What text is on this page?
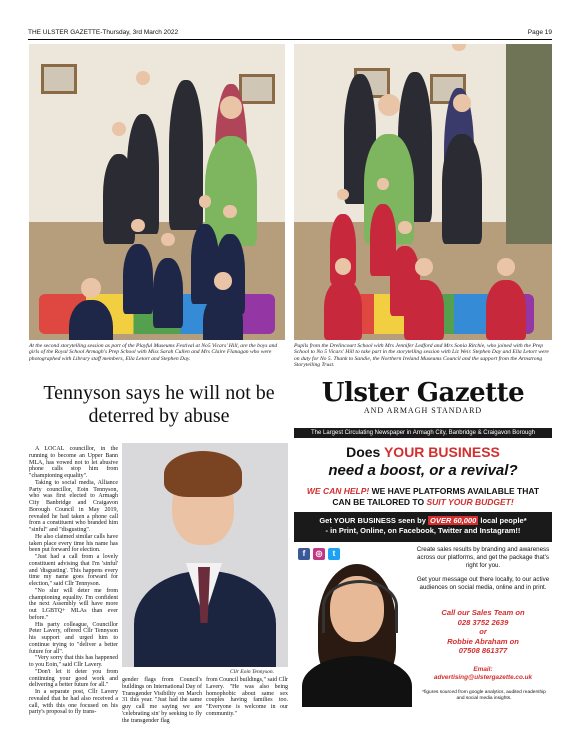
THE ULSTER GAZETTE-Thursday, 3rd March 2022	Page 19
At the second storytelling session as part of the Playful Museums Festival at No5 Vicars' Hill, are the boys and girls of the Royal School Armagh's Prep School with Miss Sarah Cullen and Mrs Claire Flanagan who were photographed with Library staff members, Ella Letort and Stephen Day.
Pupils from the Drelincourt School with Mrs Jennifer Ledford and Mrs Sonia Ritchie, who joined with the Prep School to No 5 Vicars' Hill to take part in the storytelling session with Liz Weir. Stephen Day and Ella Letort were on duty for No 5. Thank to Sandie, the Northern Ireland Museums Council and the support from the Armstrong Storytelling Trust.
Tennyson says he will not be deterred by abuse

A LOCAL councillor, in the running to become an Upper Bann MLA, has vowed not to let abusive phone calls stop him from "championing equality".

Taking to social media, Alliance Party councillor, Eoin Tennyson, who was first elected to Armagh City Banbridge and Craigavon Borough Council in May 2019, revealed he had taken a phone call from a constituent who branded him "sinful" and "disgusting".

He also claimed similar calls have taken place every time his name has been put forward for election.

"Just had a call from a lovely constituent advising that I'm 'sinful' and 'disgusting'. This happens every time my name goes forward for election," said Cllr Tennyson.

"No slur will deter me from championing equality. I'm confident the next Assembly will have more out LGBTQ+ MLAs than ever before."

His party colleague, Councillor Peter Lavery, offered Cllr Tennyson his support and urged him to continue trying to "deliver a better future for all".

"Very sorry that this has happened to you Eoin," said Cllr Lavery.

"Don't let it deter you from continuing your good work and delivering a better future for all."

In a separate post, Cllr Lavery revealed that he had also received a call, with this one focused on his party's proposal to fly trans-

Cllr Eoin Tennyson.
gender flags from Council's buildings on International Day of Transgender Visibility on March 31 this year. "Just had the same guy call me saying we are 'celebrating sin' by seeking to fly the transgender flag
from Council buildings," said Cllr Lavery. "He was also being homophobic about same sex couples having families too. "Everyone is welcome in our community."
Ulster Gazette
AND ARMAGH STANDARD
The Largest Circulating Newspaper in Armagh City, Banbridge & Craigavon Borough
Does YOUR BUSINESS
need a boost, or a revival?
WE CAN HELP! WE HAVE PLATFORMS AVAILABLE THAT CAN BE TAILORED TO SUIT YOUR BUDGET!
Get YOUR BUSINESS seen by OVER 60,000 local people*
- in Print, Online, on Facebook, Twitter and Instagram!!
f	◎	t	Create sales results by branding and awareness across our platforms, and get the package that's right for you.

Get your message out there locally, to our active audiences on social media, online and in print.

Call our Sales Team on
028 3752 2639
or
Robbie Abraham on
07508 861377
Email:
advertising@ulstergazette.co.uk
*figures sourced from google analytics, audited readership and social media insights.
